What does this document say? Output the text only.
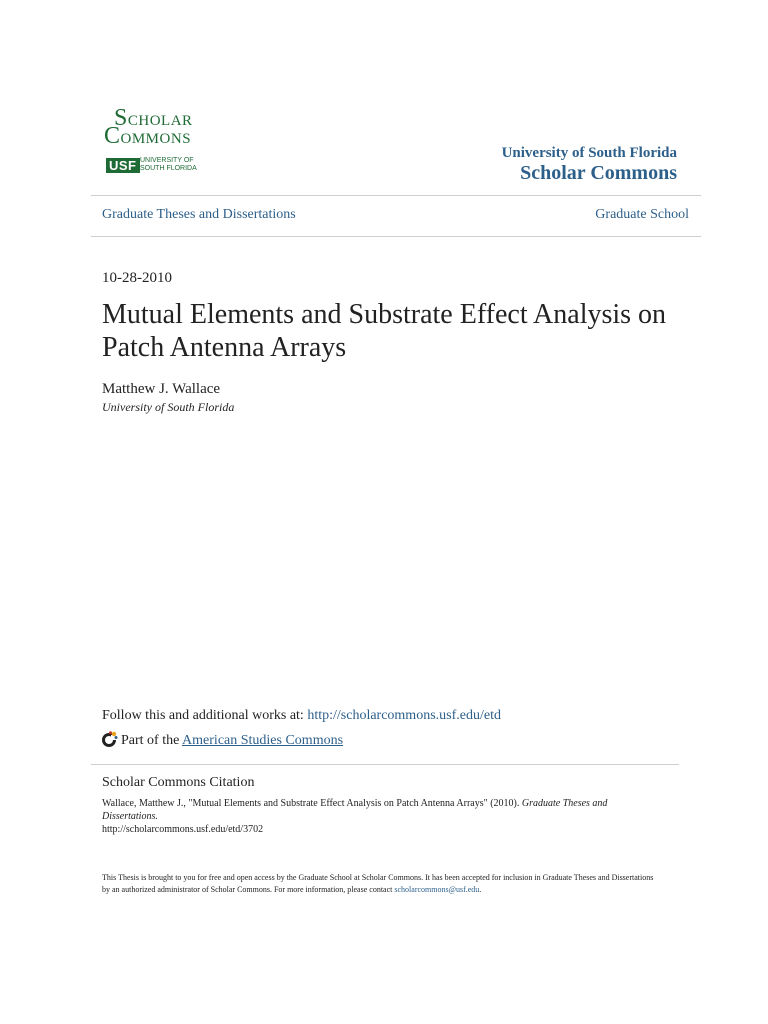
SCHOLAR
COMMONS
USF UNIVERSITY OF
SOUTH FLORIDA
University of South Florida
Scholar Commons
Graduate Theses and Dissertations	Graduate School
10-28-2010
Mutual Elements and Substrate Effect Analysis on Patch Antenna Arrays
Matthew J. Wallace
University of South Florida
Follow this and additional works at: http://scholarcommons.usf.edu/etd
Part of the American Studies Commons
Scholar Commons Citation
Wallace, Matthew J., "Mutual Elements and Substrate Effect Analysis on Patch Antenna Arrays" (2010). Graduate Theses and Dissertations.
http://scholarcommons.usf.edu/etd/3702
This Thesis is brought to you for free and open access by the Graduate School at Scholar Commons. It has been accepted for inclusion in Graduate Theses and Dissertations by an authorized administrator of Scholar Commons. For more information, please contact scholarcommons@usf.edu.
